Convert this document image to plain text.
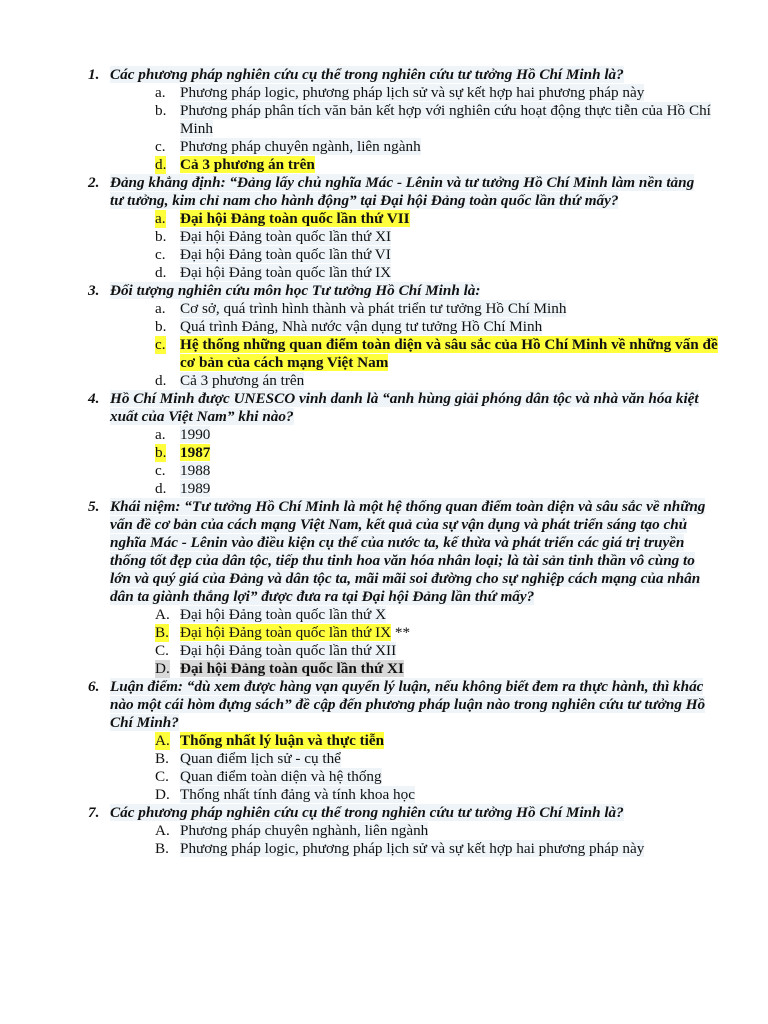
1. Các phương pháp nghiên cứu cụ thể trong nghiên cứu tư tưởng Hồ Chí Minh là?
a. Phương pháp logic, phương pháp lịch sử và sự kết hợp hai phương pháp này
b. Phương pháp phân tích văn bản kết hợp với nghiên cứu hoạt động thực tiễn của Hồ Chí Minh
c. Phương pháp chuyên ngành, liên ngành
d. Cả 3 phương án trên
2. Đảng khẳng định: “Đảng lấy chủ nghĩa Mác - Lênin và tư tưởng Hồ Chí Minh làm nền tảng tư tưởng, kim chỉ nam cho hành động” tại Đại hội Đảng toàn quốc lần thứ mấy?
a. Đại hội Đảng toàn quốc lần thứ VII
b. Đại hội Đảng toàn quốc lần thứ XI
c. Đại hội Đảng toàn quốc lần thứ VI
d. Đại hội Đảng toàn quốc lần thứ IX
3. Đối tượng nghiên cứu môn học Tư tưởng Hồ Chí Minh là:
a. Cơ sở, quá trình hình thành và phát triển tư tưởng Hồ Chí Minh
b. Quá trình Đảng, Nhà nước vận dụng tư tưởng Hồ Chí Minh
c. Hệ thống những quan điểm toàn diện và sâu sắc của Hồ Chí Minh về những vấn đề cơ bản của cách mạng Việt Nam
d. Cả 3 phương án trên
4. Hồ Chí Minh được UNESCO vinh danh là “anh hùng giải phóng dân tộc và nhà văn hóa kiệt xuất của Việt Nam” khi nào?
a. 1990
b. 1987
c. 1988
d. 1989
5. Khái niệm: “Tư tưởng Hồ Chí Minh là một hệ thống quan điểm toàn diện và sâu sắc về những vấn đề cơ bản của cách mạng Việt Nam, kết quả của sự vận dụng và phát triển sáng tạo chủ nghĩa Mác - Lênin vào điều kiện cụ thể của nước ta, kế thừa và phát triển các giá trị truyền thống tốt đẹp của dân tộc, tiếp thu tinh hoa văn hóa nhân loại; là tài sản tinh thần vô cùng to lớn và quý giá của Đảng và dân tộc ta, mãi mãi soi đường cho sự nghiệp cách mạng của nhân dân ta giành thắng lợi” được đưa ra tại Đại hội Đảng lần thứ mấy?
A. Đại hội Đảng toàn quốc lần thứ X
B. Đại hội Đảng toàn quốc lần thứ IX **
C. Đại hội Đảng toàn quốc lần thứ XII
D. Đại hội Đảng toàn quốc lần thứ XI
6. Luận điểm: “dù xem được hàng vạn quyển lý luận, nếu không biết đem ra thực hành, thì khác nào một cái hòm đựng sách” đề cập đến phương pháp luận nào trong nghiên cứu tư tưởng Hồ Chí Minh?
A. Thống nhất lý luận và thực tiễn
B. Quan điểm lịch sử - cụ thể
C. Quan điểm toàn diện và hệ thống
D. Thống nhất tính đảng và tính khoa học
7. Các phương pháp nghiên cứu cụ thể trong nghiên cứu tư tưởng Hồ Chí Minh là?
A. Phương pháp chuyên nghành, liên ngành
B. Phương pháp logic, phương pháp lịch sử và sự kết hợp hai phương pháp này
